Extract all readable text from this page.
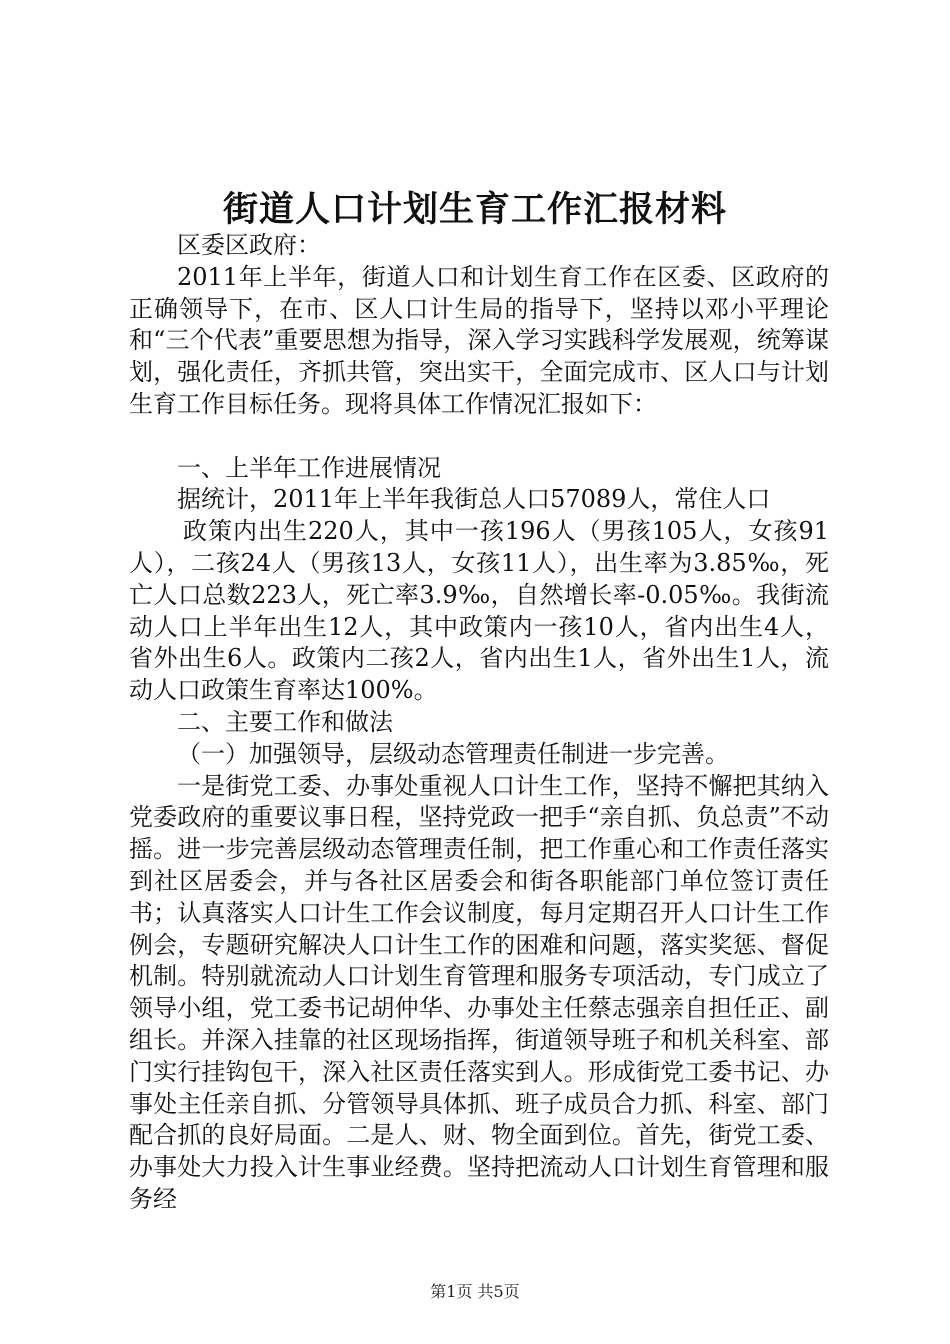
街道人口计划生育工作汇报材料

区委区政府：

2011年上半年，街道人口和计划生育工作在区委、区政府的正确领导下，在市、区人口计生局的指导下，坚持以邓小平理论和“三个代表”重要思想为指导，深入学习实践科学发展观，统筹谋划，强化责任，齐抓共管，突出实干，全面完成市、区人口与计划生育工作目标任务。现将具体工作情况汇报如下：

一、上半年工作进展情况

据统计，2011年上半年我街总人口57089人，常住人口

政策内出生220人，其中一孩196人（男孩105人，女孩91人），二孩24人（男孩13人，女孩11人），出生率为3.85‰，死亡人口总数223人，死亡率3.9‰，自然增长率-0.05‰。我街流动人口上半年出生12人，其中政策内一孩10人，省内出生4人，省外出生6人。政策内二孩2人，省内出生1人，省外出生1人，流动人口政策生育率达100%。

二、主要工作和做法

（一）加强领导，层级动态管理责任制进一步完善。

一是街党工委、办事处重视人口计生工作，坚持不懈把其纳入党委政府的重要议事日程，坚持党政一把手“亲自抓、负总责”不动摇。进一步完善层级动态管理责任制，把工作重心和工作责任落实到社区居委会，并与各社区居委会和街各职能部门单位签订责任书；认真落实人口计生工作会议制度，每月定期召开人口计生工作例会，专题研究解决人口计生工作的困难和问题，落实奖惩、督促机制。特别就流动人口计划生育管理和服务专项活动，专门成立了领导小组，党工委书记胡仲华、办事处主任蔡志强亲自担任正、副组长。并深入挂靠的社区现场指挥，街道领导班子和机关科室、部门实行挂钩包干，深入社区责任落实到人。形成街党工委书记、办事处主任亲自抓、分管领导具体抓、班子成员合力抓、科室、部门配合抓的良好局面。二是人、财、物全面到位。首先，街党工委、办事处大力投入计生事业经费。坚持把流动人口计划生育管理和服务经

第1页 共5页
